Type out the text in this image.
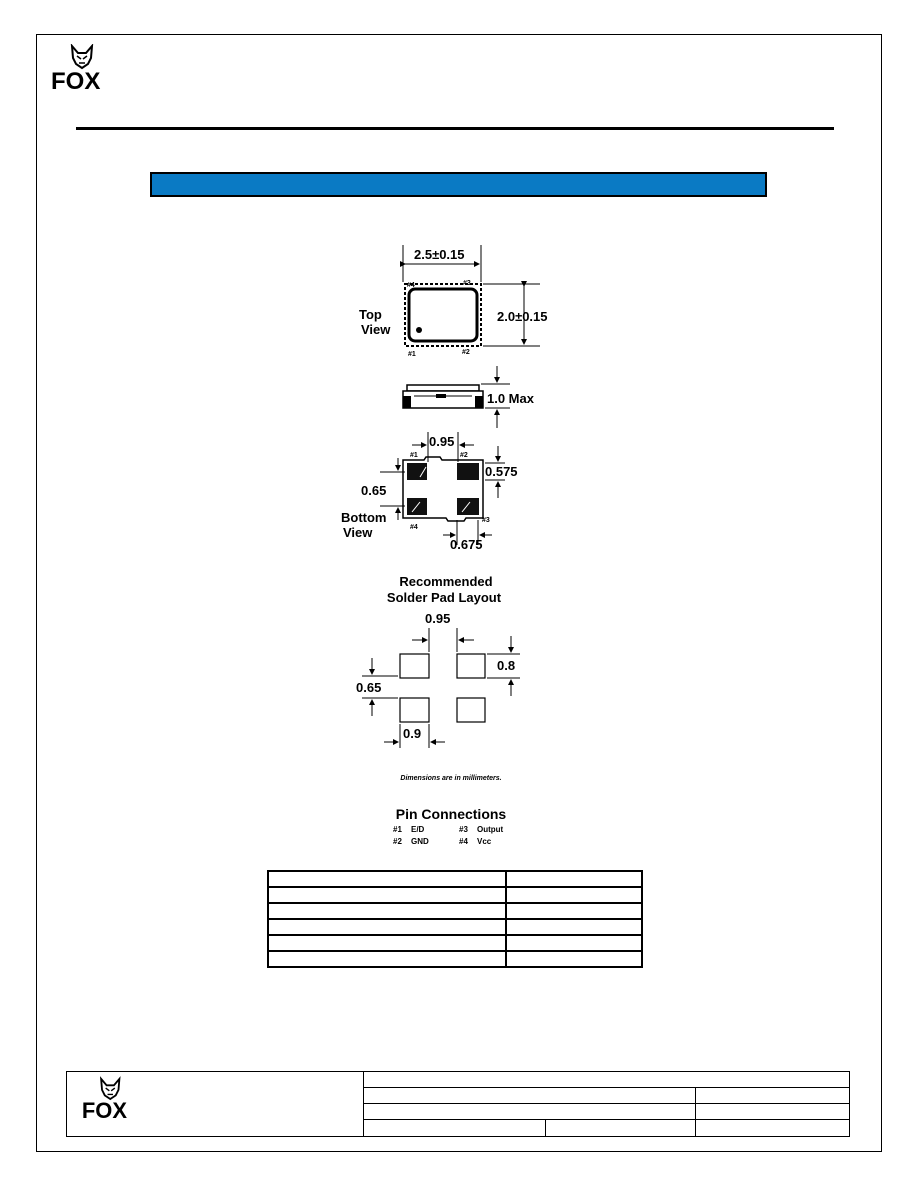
FOX
2.5±0.15
#4	#3
#1	#2
2.0±0.15
Top
View
1.0 Max
0.95
#1	#2
#4
#3
0.575
0.65
0.675
Bottom
View
Recommended
Solder Pad Layout
0.95
0.8
0.65
0.9
Dimensions are in millimeters.
Pin Connections
#1 E/D	#3 Output
#2 GND	#4 Vcc

FOX
